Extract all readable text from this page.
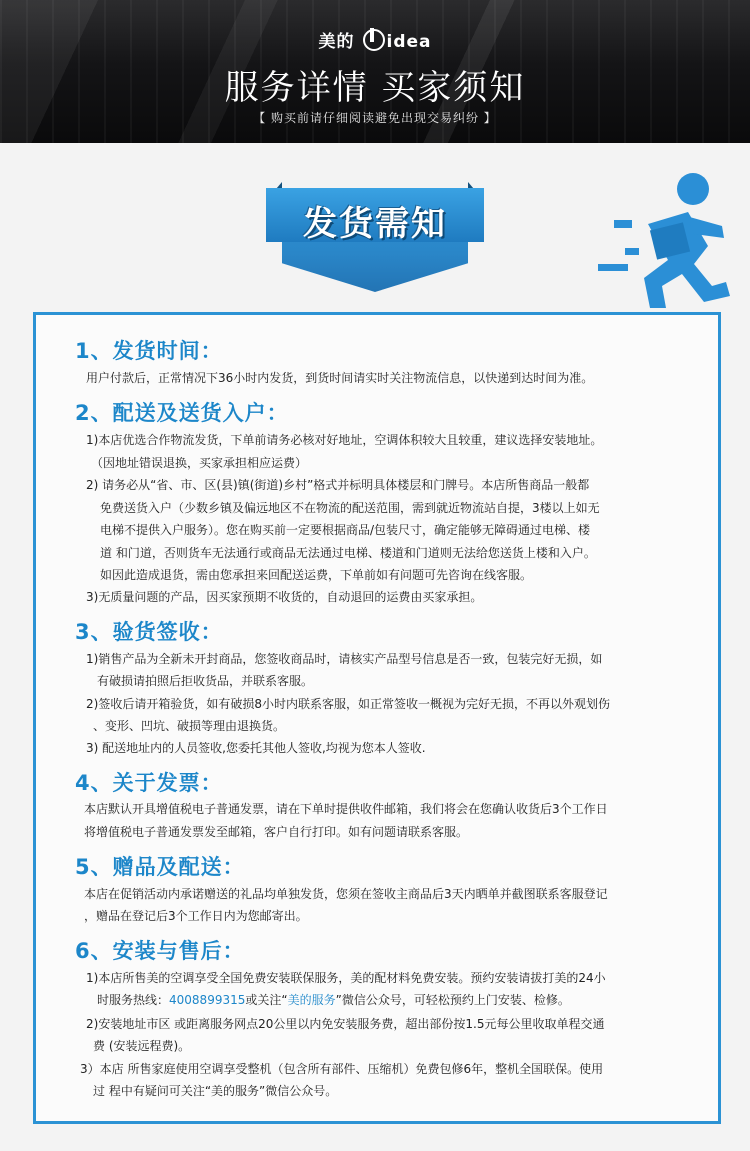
美的 idea
服务详情 买家须知
【 购买前请仔细阅读避免出现交易纠纷 】
发货需知
1、发货时间：
用户付款后，正常情况下36小时内发货，到货时间请实时关注物流信息，以快递到达时间为准。
2、配送及送货入户：
1)本店优选合作物流发货，下单前请务必核对好地址，空调体积较大且较重，建议选择安装地址。
（因地址错误退换，买家承担相应运费）
2) 请务必从“省、市、区(县)镇(街道)乡村”格式并标明具体楼层和门牌号。本店所售商品一般都
免费送货入户（少数乡镇及偏远地区不在物流的配送范围，需到就近物流站自提，3楼以上如无
电梯不提供入户服务）。您在购买前一定要根据商品/包装尺寸，确定能够无障碍通过电梯、楼
道 和门道，否则货车无法通行或商品无法通过电梯、楼道和门道则无法给您送货上楼和入户。
如因此造成退货，需由您承担来回配送运费，下单前如有问题可先咨询在线客服。
3)无质量问题的产品，因买家预期不收货的，自动退回的运费由买家承担。
3、验货签收：
1)销售产品为全新未开封商品，您签收商品时，请核实产品型号信息是否一致，包装完好无损，如
有破损请拍照后拒收货品，并联系客服。
2)签收后请开箱验货，如有破损8小时内联系客服，如正常签收一概视为完好无损，不再以外观划伤
、变形、凹坑、破损等理由退换货。
3) 配送地址内的人员签收,您委托其他人签收,均视为您本人签收.
4、关于发票：
本店默认开具增值税电子普通发票，请在下单时提供收件邮箱，我们将会在您确认收货后3个工作日
将增值税电子普通发票发至邮箱，客户自行打印。如有问题请联系客服。
5、赠品及配送：
本店在促销活动内承诺赠送的礼品均单独发货，您须在签收主商品后3天内晒单并截图联系客服登记
，赠品在登记后3个工作日内为您邮寄出。
6、安装与售后：
1)本店所售美的空调享受全国免费安装联保服务，美的配材料免费安装。预约安装请拔打美的24小
时服务热线：4008899315或关注“美的服务”微信公众号，可轻松预约上门安装、检修。
2)安装地址市区 或距离服务网点20公里以内免安装服务费，超出部份按1.5元每公里收取单程交通
费 (安装远程费)。
3）本店 所售家庭使用空调享受整机（包含所有部件、压缩机）免费包修6年，整机全国联保。使用
过 程中有疑问可关注“美的服务”微信公众号。
